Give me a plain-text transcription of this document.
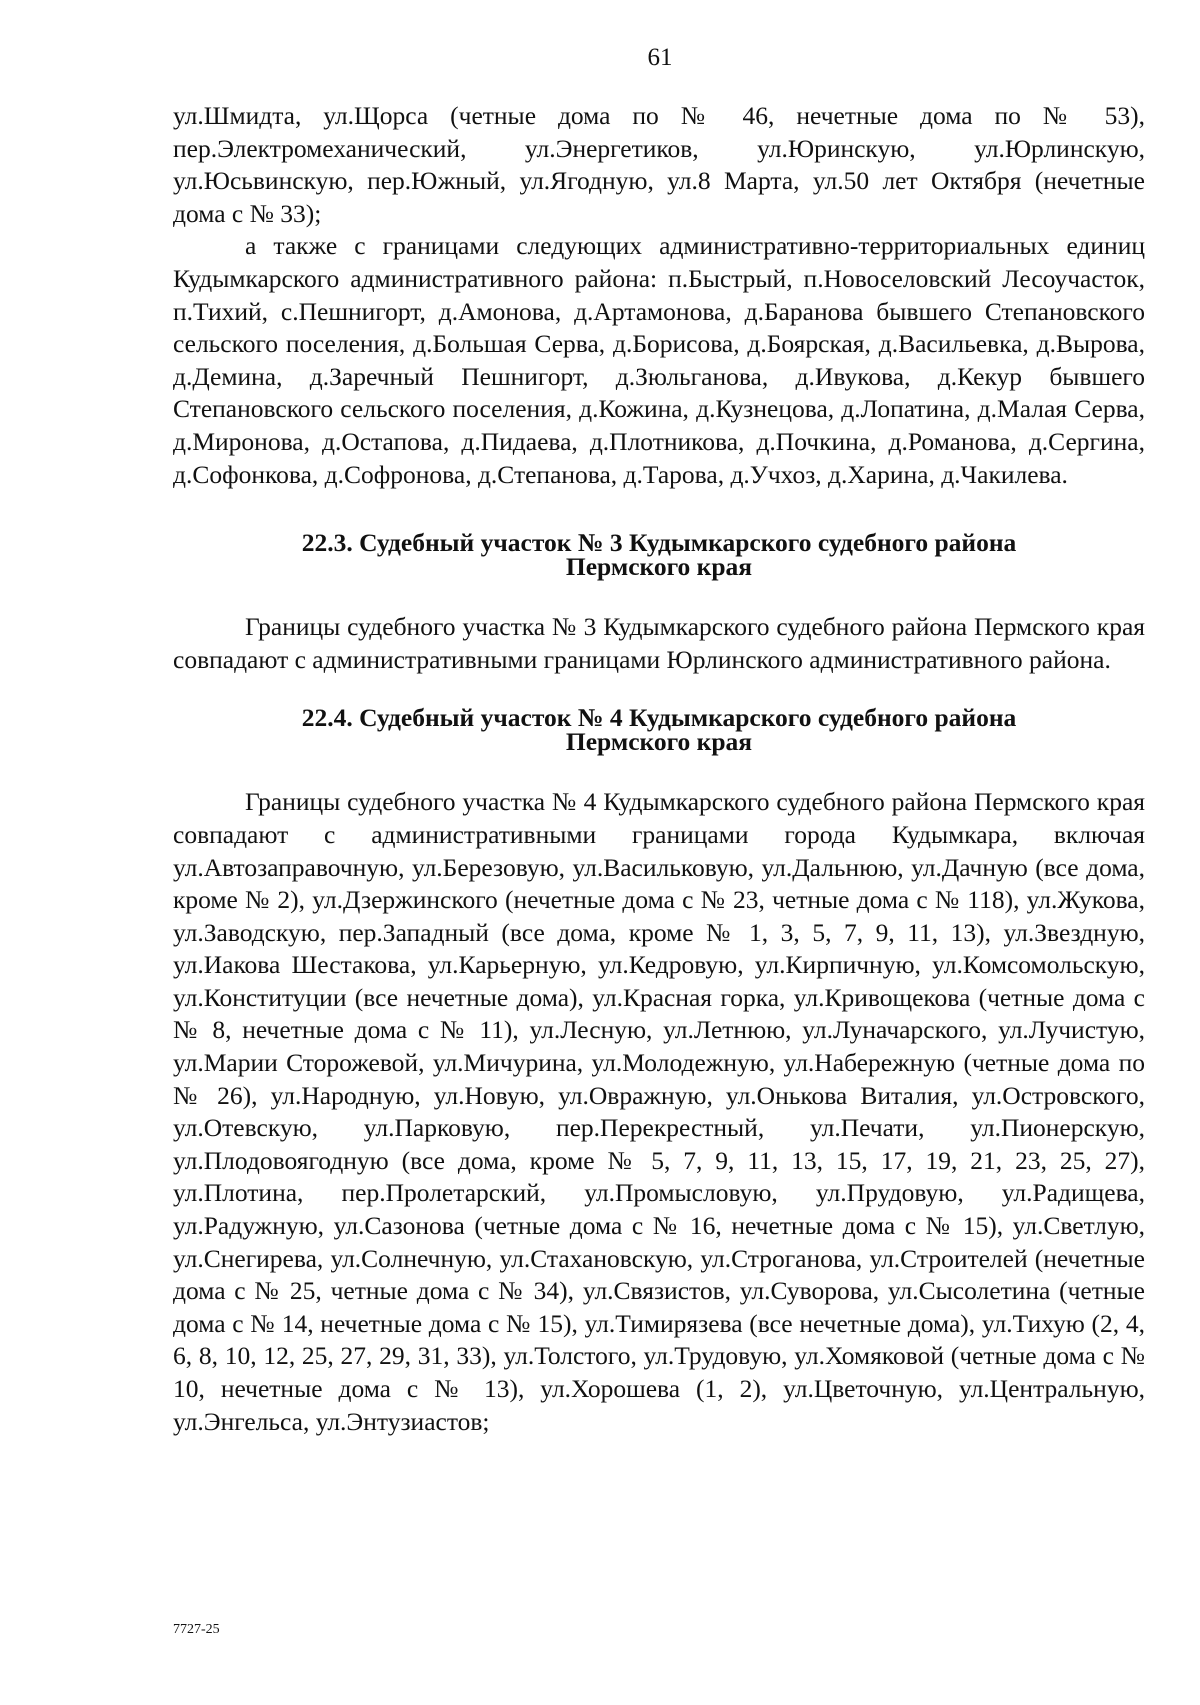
61

ул.Шмидта, ул.Щорса (четные дома по № 46, нечетные дома по № 53), пер.Электромеханический, ул.Энергетиков, ул.Юринскую, ул.Юрлинскую, ул.Юсьвинскую, пер.Южный, ул.Ягодную, ул.8 Марта, ул.50 лет Октября (нечетные дома с № 33);

а также с границами следующих административно-территориальных единиц Кудымкарского административного района: п.Быстрый, п.Новоселовский Лесоучасток, п.Тихий, с.Пешнигорт, д.Амонова, д.Артамонова, д.Баранова бывшего Степановского сельского поселения, д.Большая Серва, д.Борисова, д.Боярская, д.Васильевка, д.Вырова, д.Демина, д.Заречный Пешнигорт, д.Зюльганова, д.Ивукова, д.Кекур бывшего Степановского сельского поселения, д.Кожина, д.Кузнецова, д.Лопатина, д.Малая Серва, д.Миронова, д.Остапова, д.Пидаева, д.Плотникова, д.Почкина, д.Романова, д.Сергина, д.Софонкова, д.Софронова, д.Степанова, д.Тарова, д.Учхоз, д.Харина, д.Чакилева.

22.3. Судебный участок № 3 Кудымкарского судебного района
Пермского края

Границы судебного участка № 3 Кудымкарского судебного района Пермского края совпадают с административными границами Юрлинского административного района.

22.4. Судебный участок № 4 Кудымкарского судебного района
Пермского края

Границы судебного участка № 4 Кудымкарского судебного района Пермского края совпадают с административными границами города Кудымкара, включая ул.Автозаправочную, ул.Березовую, ул.Васильковую, ул.Дальнюю, ул.Дачную (все дома, кроме № 2), ул.Дзержинского (нечетные дома с № 23, четные дома с № 118), ул.Жукова, ул.Заводскую, пер.Западный (все дома, кроме № 1, 3, 5, 7, 9, 11, 13), ул.Звездную, ул.Иакова Шестакова, ул.Карьерную, ул.Кедровую, ул.Кирпичную, ул.Комсомольскую, ул.Конституции (все нечетные дома), ул.Красная горка, ул.Кривощекова (четные дома с № 8, нечетные дома с № 11), ул.Лесную, ул.Летнюю, ул.Луначарского, ул.Лучистую, ул.Марии Сторожевой, ул.Мичурина, ул.Молодежную, ул.Набережную (четные дома по № 26), ул.Народную, ул.Новую, ул.Овражную, ул.Онькова Виталия, ул.Островского, ул.Отевскую, ул.Парковую, пер.Перекрестный, ул.Печати, ул.Пионерскую, ул.Плодовоягодную (все дома, кроме № 5, 7, 9, 11, 13, 15, 17, 19, 21, 23, 25, 27), ул.Плотина, пер.Пролетарский, ул.Промысловую, ул.Прудовую, ул.Радищева, ул.Радужную, ул.Сазонова (четные дома с № 16, нечетные дома с № 15), ул.Светлую, ул.Снегирева, ул.Солнечную, ул.Стахановскую, ул.Строганова, ул.Строителей (нечетные дома с № 25, четные дома с № 34), ул.Связистов, ул.Суворова, ул.Сысолетина (четные дома с № 14, нечетные дома с № 15), ул.Тимирязева (все нечетные дома), ул.Тихую (2, 4, 6, 8, 10, 12, 25, 27, 29, 31, 33), ул.Толстого, ул.Трудовую, ул.Хомяковой (четные дома с № 10, нечетные дома с № 13), ул.Хорошева (1, 2), ул.Цветочную, ул.Центральную, ул.Энгельса, ул.Энтузиастов;

7727-25
